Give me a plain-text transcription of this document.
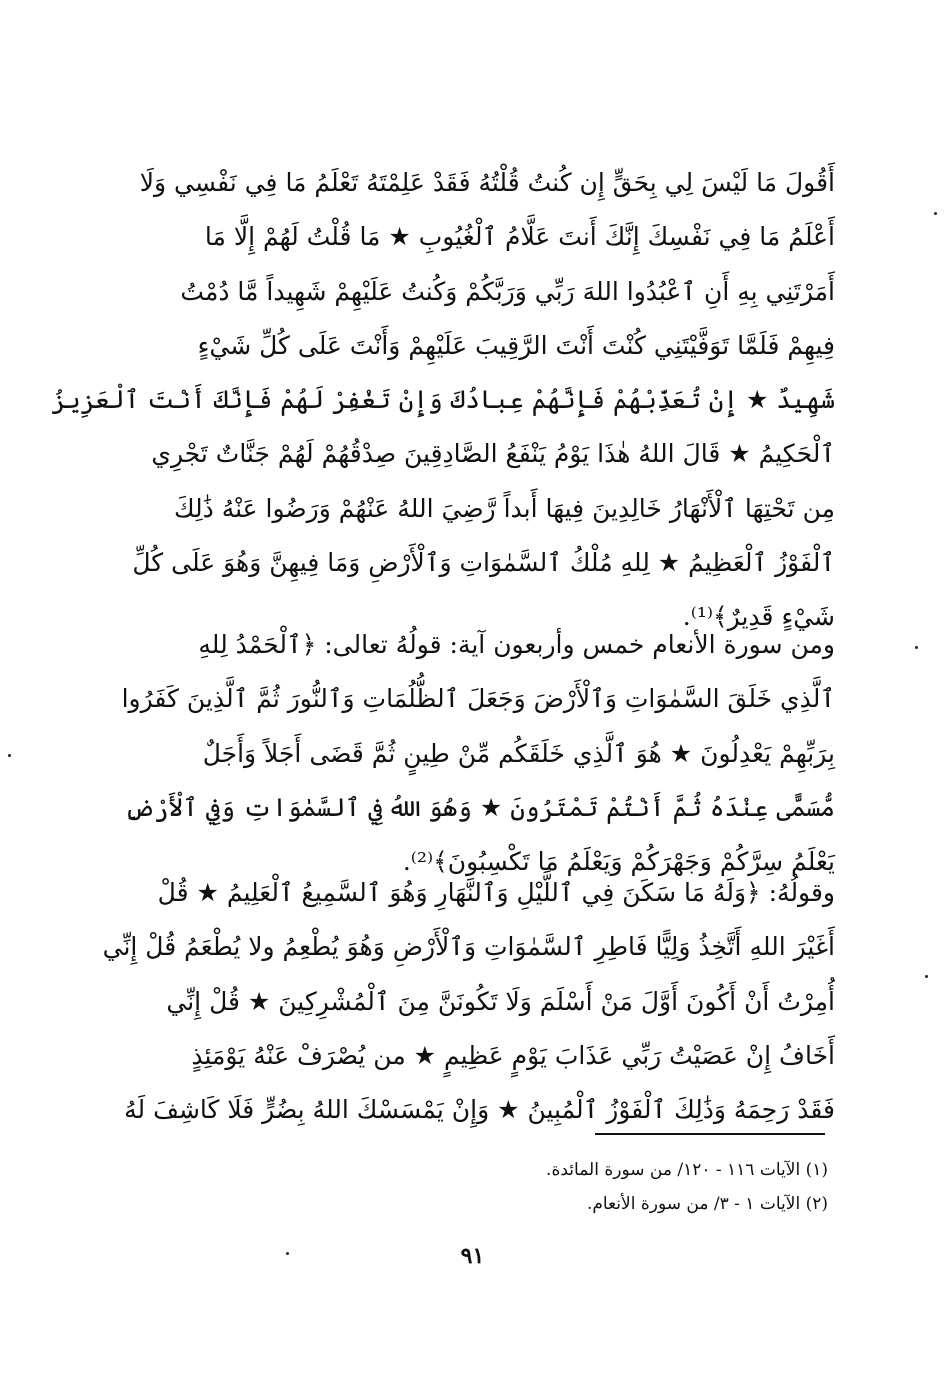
أَقُولَ مَا لَيْسَ لِي بِحَقٍّ إِن كُنتُ قُلْتُهُ فَقَدْ عَلِمْتَهُ تَعْلَمُ مَا فِي نَفْسِي وَلَا
أَعْلَمُ مَا فِي نَفْسِكَ إِنَّكَ أَنتَ عَلَّامُ ٱلْغُيُوبِ ★ مَا قُلْتُ لَهُمْ إِلَّا مَا
أَمَرْتَنِي بِهِ أَنِ ٱعْبُدُوا اللهَ رَبِّي وَرَبَّكُمْ وَكُنتُ عَلَيْهِمْ شَهِيداً مَّا دُمْتُ
فِيهِمْ فَلَمَّا تَوَفَّيْتَنِي كُنْتَ أَنْتَ الرَّقِيبَ عَلَيْهِمْ وَأَنْتَ عَلَى كُلِّ شَيْءٍ
شَهِيدٌ ★ إِنْ تُعَذِّبْهُمْ فَإِنَّهُمْ عِبادُكَ وَإِنْ تَغْفِرْ لَهُمْ فَإِنَّكَ أَنْتَ ٱلْعَزِيزُ
ٱلْحَكِيمُ ★ قَالَ اللهُ هٰذَا يَوْمُ يَنْفَعُ الصَّادِقِينَ صِدْقُهُمْ لَهُمْ جَنَّاتٌ تَجْرِي
مِن تَحْتِهَا ٱلْأَنْهَارُ خَالِدِينَ فِيهَا أَبداً رَّضِيَ اللهُ عَنْهُمْ وَرَضُوا عَنْهُ ذَٰلِكَ
ٱلْفَوْزُ ٱلْعَظِيمُ ★ لِلهِ مُلْكُ ٱلسَّمٰوَاتِ وَٱلْأَرْضِ وَمَا فِيهِنَّ وَهُوَ عَلَى كُلِّ
شَيْءٍ قَدِيرٌ﴾⁽¹⁾.
ومن سورة الأنعام خمس وأربعون آية: قولُهُ تعالى: ﴿ٱلْحَمْدُ لِلهِ
ٱلَّذِي خَلَقَ السَّمٰوَاتِ وَٱلْأَرْضَ وَجَعَلَ ٱلظُّلُمَاتِ وَٱلنُّورَ ثُمَّ ٱلَّذِينَ كَفَرُوا
بِرَبِّهِمْ يَعْدِلُونَ ★ هُوَ ٱلَّذِي خَلَقَكُم مِّنْ طِينٍ ثُمَّ قَضَى أَجَلاً وَأَجَلٌ
مُّسَمًّى عِنْدَهُ ثُمَّ أَنْتُمْ تَمْتَرُونَ ★ وَهُوَ اللهُ فِي ٱلسَّمٰوَاتِ وَفِي ٱلْأَرْضِ
يَعْلَمُ سِرَّكُمْ وَجَهْرَكُمْ وَيَعْلَمُ مَا تَكْسِبُونَ﴾⁽²⁾.
وقولُهُ: ﴿وَلَهُ مَا سَكَنَ فِي ٱللَّيْلِ وَٱلنَّهَارِ وَهُوَ ٱلسَّمِيعُ ٱلْعَلِيمُ ★ قُلْ
أَغَيْرَ اللهِ أَتَّخِذُ وَلِيًّا فَاطِرِ ٱلسَّمٰوَاتِ وَٱلْأَرْضِ وَهُوَ يُطْعِمُ ولا يُطْعَمُ قُلْ إِنِّي
أُمِرْتُ أَنْ أَكُونَ أَوَّلَ مَنْ أَسْلَمَ وَلَا تَكُونَنَّ مِنَ ٱلْمُشْرِكِينَ ★ قُلْ إِنِّي
أَخَافُ إِنْ عَصَيْتُ رَبِّي عَذَابَ يَوْمٍ عَظِيمٍ ★ من يُصْرَفْ عَنْهُ يَوْمَئِذٍ
فَقَدْ رَحِمَهُ وَذَٰلِكَ ٱلْفَوْزُ ٱلْمُبِينُ ★ وَإِنْ يَمْسَسْكَ اللهُ بِضُرٍّ فَلَا كَاشِفَ لَهُ
(١) الآيات ١١٦ - ١٢٠/ من سورة المائدة.
(٢) الآيات ١ - ٣/ من سورة الأنعام.
٩١
